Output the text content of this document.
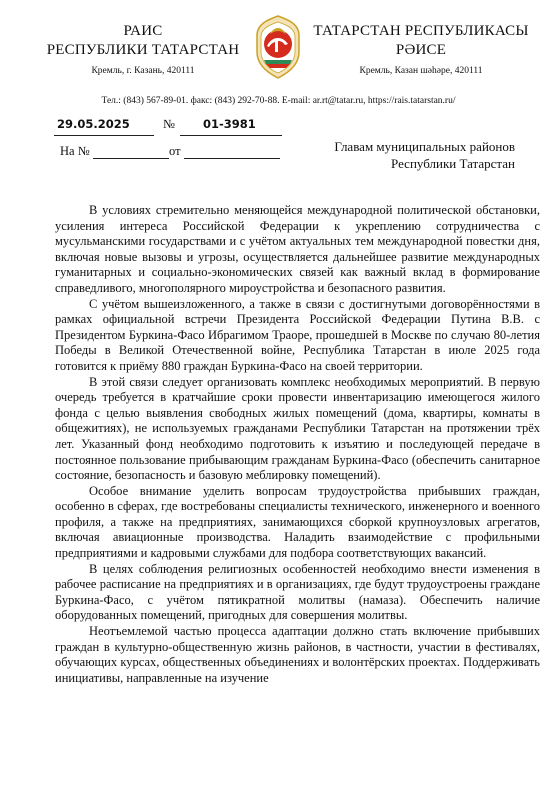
РАИС
РЕСПУБЛИКИ ТАТАРСТАН
Кремль, г. Казань, 420111
ТАТАРСТАН РЕСПУБЛИКАСЫ
РӘИСЕ
Кремль, Казан шәһәре, 420111
Тел.: (843) 567-89-01. факс: (843) 292-70-88. E-mail: ar.rt@tatar.ru, https://rais.tatarstan.ru/
29.05.2025	№ 01-3981
На №	от	Главам муниципальных районов
Республики Татарстан

В условиях стремительно меняющейся международной политической обстановки, усиления интереса Российской Федерации к укреплению сотрудничества с мусульманскими государствами и с учётом актуальных тем международной повестки дня, включая новые вызовы и угрозы, осуществляется дальнейшее развитие международных гуманитарных и социально-экономических связей как важный вклад в формирование справедливого, многополярного мироустройства и безопасного развития.

С учётом вышеизложенного, а также в связи с достигнутыми договорённостями в рамках официальной встречи Президента Российской Федерации Путина В.В. с Президентом Буркина-Фасо Ибрагимом Траоре, прошедшей в Москве по случаю 80-летия Победы в Великой Отечественной войне, Республика Татарстан в июле 2025 года готовится к приёму 880 граждан Буркина-Фасо на своей территории.

В этой связи следует организовать комплекс необходимых мероприятий. В первую очередь требуется в кратчайшие сроки провести инвентаризацию имеющегося жилого фонда с целью выявления свободных жилых помещений (дома, квартиры, комнаты в общежитиях), не используемых гражданами Республики Татарстан на протяжении трёх лет. Указанный фонд необходимо подготовить к изъятию и последующей передаче в постоянное пользование прибывающим гражданам Буркина-Фасо (обеспечить санитарное состояние, безопасность и базовую меблировку помещений).

Особое внимание уделить вопросам трудоустройства прибывших граждан, особенно в сферах, где востребованы специалисты технического, инженерного и военного профиля, а также на предприятиях, занимающихся сборкой крупноузловых агрегатов, включая авиационные производства. Наладить взаимодействие с профильными предприятиями и кадровыми службами для подбора соответствующих вакансий.

В целях соблюдения религиозных особенностей необходимо внести изменения в рабочее расписание на предприятиях и в организациях, где будут трудоустроены граждане Буркина-Фасо, с учётом пятикратной молитвы (намаза). Обеспечить наличие оборудованных помещений, пригодных для совершения молитвы.

Неотъемлемой частью процесса адаптации должно стать включение прибывших граждан в культурно-общественную жизнь районов, в частности, участии в фестивалях, обучающих курсах, общественных объединениях и волонтёрских проектах. Поддерживать инициативы, направленные на изучение
